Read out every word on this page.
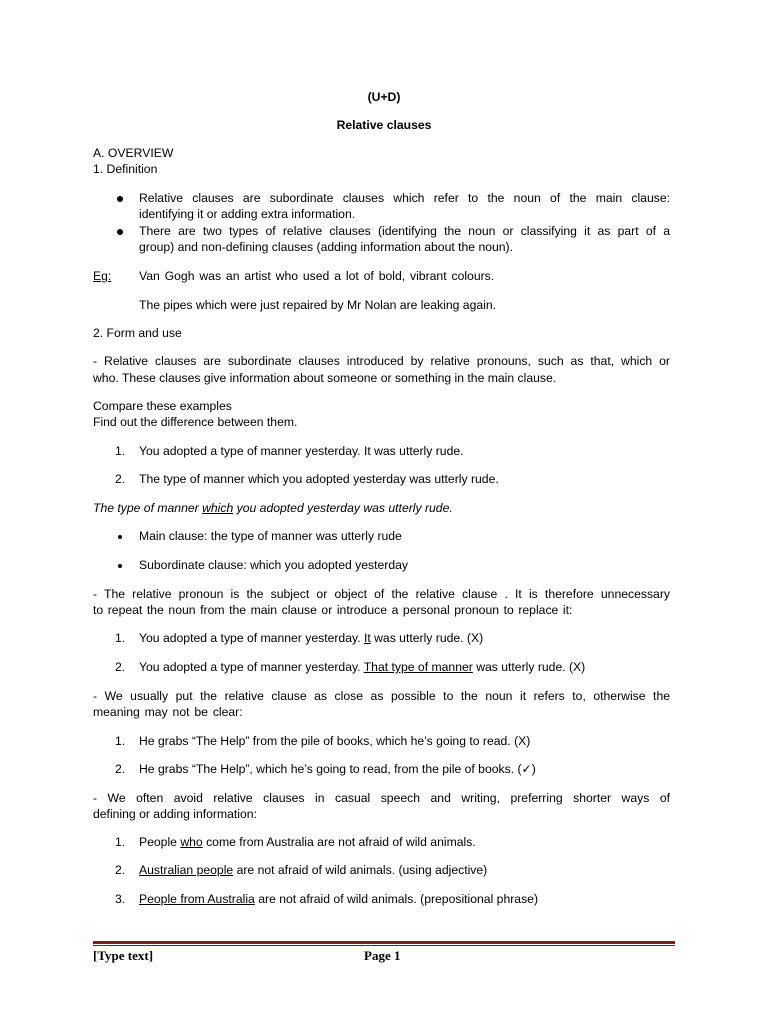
(U+D)
Relative clauses
A. OVERVIEW
1. Definition
Relative clauses are subordinate clauses which refer to the noun of the main clause:
identifying it or adding extra information.
There are two types of relative clauses (identifying the noun or classifying it as part of a
group) and non-defining clauses (adding information about the noun).
Eg: Van Gogh was an artist who used a lot of bold, vibrant colours.
The pipes which were just repaired by Mr Nolan are leaking again.
2. Form and use
- Relative clauses are subordinate clauses introduced by relative pronouns, such as that, which or
who. These clauses give information about someone or something in the main clause.
Compare these examples
Find out the difference between them.
1. You adopted a type of manner yesterday. It was utterly rude.
2. The type of manner which you adopted yesterday was utterly rude.
The type of manner which you adopted yesterday was utterly rude.
Main clause: the type of manner was utterly rude
Subordinate clause: which you adopted yesterday
- The relative pronoun is the subject or object of the relative clause . It is therefore unnecessary
to repeat the noun from the main clause or introduce a personal pronoun to replace it:
1. You adopted a type of manner yesterday. It was utterly rude. (X)
2. You adopted a type of manner yesterday. That type of manner was utterly rude. (X)
- We usually put the relative clause as close as possible to the noun it refers to, otherwise the
meaning may not be clear:
1. He grabs “The Help” from the pile of books, which he’s going to read. (X)
2. He grabs “The Help”, which he’s going to read, from the pile of books. (✓)
- We often avoid relative clauses in casual speech and writing, preferring shorter ways of
defining or adding information:
1. People who come from Australia are not afraid of wild animals.
2. Australian people are not afraid of wild animals. (using adjective)
3. People from Australia are not afraid of wild animals. (prepositional phrase)
[Type text]	Page 1
